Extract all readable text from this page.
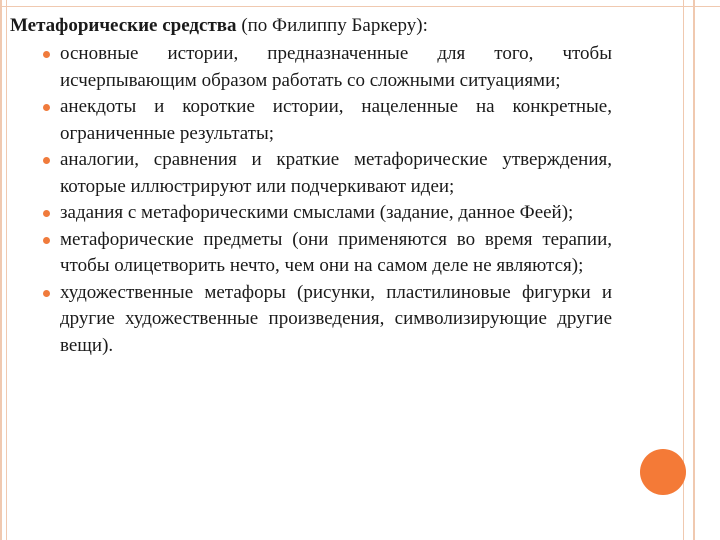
Метафорические средства (по Филиппу Баркеру):
основные истории, предназначенные для того, чтобы исчерпывающим образом работать со сложными ситуациями;
анекдоты и короткие истории, нацеленные на конкретные, ограниченные результаты;
аналогии, сравнения и краткие метафорические утверждения, которые иллюстрируют или подчеркивают идеи;
задания с метафорическими смыслами (задание, данное Феей);
метафорические предметы (они применяются во время терапии, чтобы олицетворить нечто, чем они на самом деле не являются);
художественные метафоры (рисунки, пластилиновые фигурки и другие художественные произведения, символизирующие другие вещи).
